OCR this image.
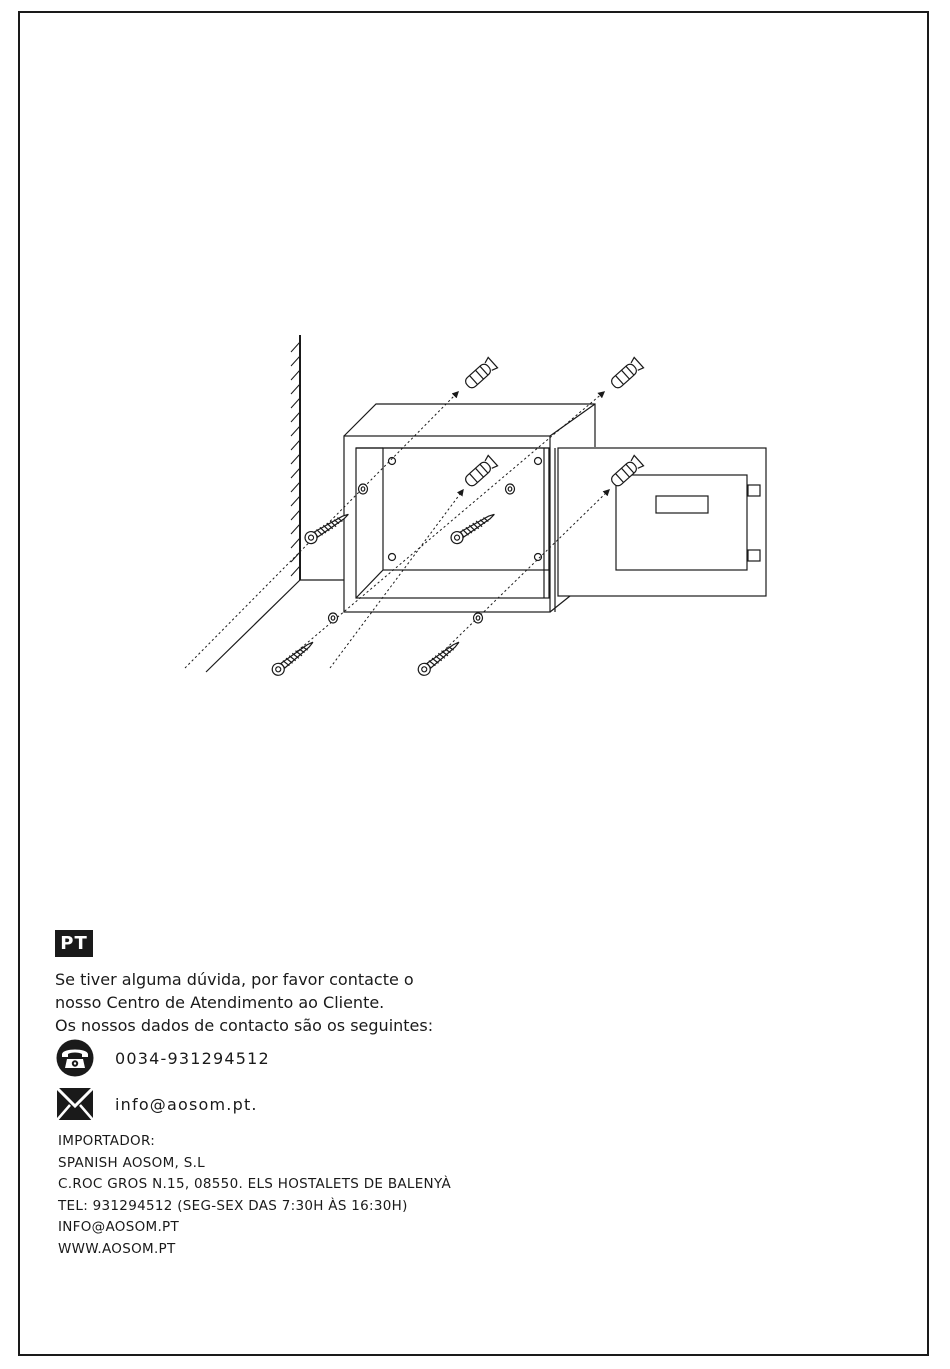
PT
Se tiver alguma dúvida, por favor contacte o
nosso Centro de Atendimento ao Cliente.
Os nossos dados de contacto são os seguintes:
0034-931294512
info@aosom.pt.
IMPORTADOR:
SPANISH AOSOM, S.L
C.ROC GROS N.15, 08550. ELS HOSTALETS DE BALENYÀ
TEL: 931294512 (SEG-SEX DAS 7:30H ÀS 16:30H)
INFO@AOSOM.PT
WWW.AOSOM.PT
